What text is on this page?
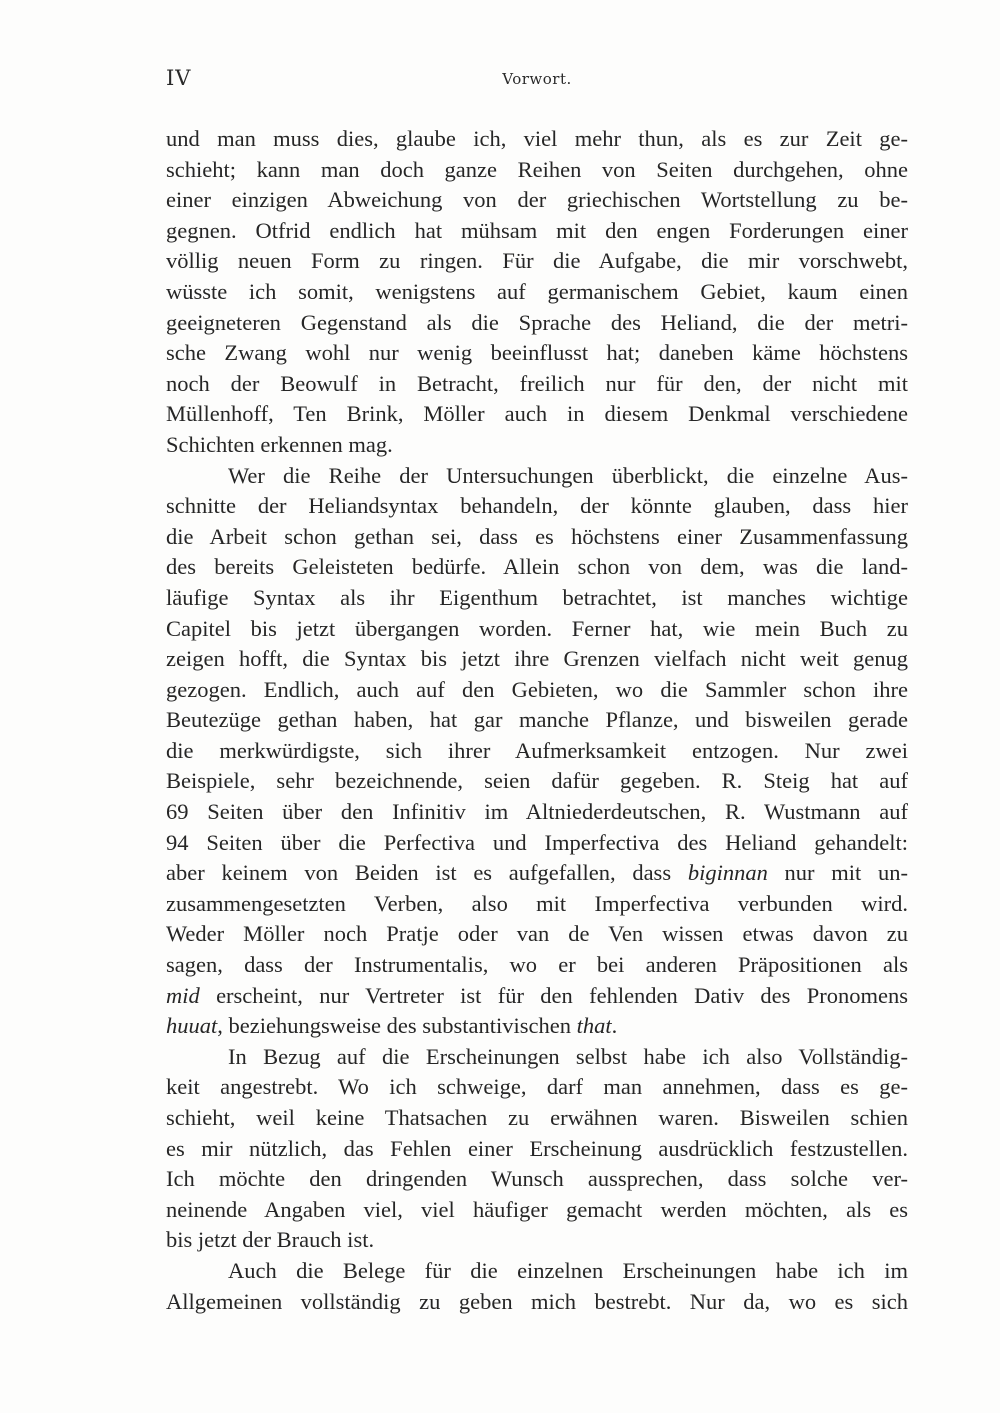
IV	Vorwort.
und man muss dies, glaube ich, viel mehr thun, als es zur Zeit ge-
schieht; kann man doch ganze Reihen von Seiten durchgehen, ohne
einer einzigen Abweichung von der griechischen Wortstellung zu be-
gegnen. Otfrid endlich hat mühsam mit den engen Forderungen einer
völlig neuen Form zu ringen. Für die Aufgabe, die mir vorschwebt,
wüsste ich somit, wenigstens auf germanischem Gebiet, kaum einen
geeigneteren Gegenstand als die Sprache des Heliand, die der metri-
sche Zwang wohl nur wenig beeinflusst hat; daneben käme höchstens
noch der Beowulf in Betracht, freilich nur für den, der nicht mit
Müllenhoff, Ten Brink, Möller auch in diesem Denkmal verschiedene
Schichten erkennen mag.
Wer die Reihe der Untersuchungen überblickt, die einzelne Aus-
schnitte der Heliandsyntax behandeln, der könnte glauben, dass hier
die Arbeit schon gethan sei, dass es höchstens einer Zusammenfassung
des bereits Geleisteten bedürfe. Allein schon von dem, was die land-
läufige Syntax als ihr Eigenthum betrachtet, ist manches wichtige
Capitel bis jetzt übergangen worden. Ferner hat, wie mein Buch zu
zeigen hofft, die Syntax bis jetzt ihre Grenzen vielfach nicht weit genug
gezogen. Endlich, auch auf den Gebieten, wo die Sammler schon ihre
Beutezüge gethan haben, hat gar manche Pflanze, und bisweilen gerade
die merkwürdigste, sich ihrer Aufmerksamkeit entzogen. Nur zwei
Beispiele, sehr bezeichnende, seien dafür gegeben. R. Steig hat auf
69 Seiten über den Infinitiv im Altniederdeutschen, R. Wustmann auf
94 Seiten über die Perfectiva und Imperfectiva des Heliand gehandelt:
aber keinem von Beiden ist es aufgefallen, dass biginnan nur mit un-
zusammengesetzten Verben, also mit Imperfectiva verbunden wird.
Weder Möller noch Pratje oder van de Ven wissen etwas davon zu
sagen, dass der Instrumentalis, wo er bei anderen Präpositionen als
mid erscheint, nur Vertreter ist für den fehlenden Dativ des Pronomens
huuat, beziehungsweise des substantivischen that.
In Bezug auf die Erscheinungen selbst habe ich also Vollständig-
keit angestrebt. Wo ich schweige, darf man annehmen, dass es ge-
schieht, weil keine Thatsachen zu erwähnen waren. Bisweilen schien
es mir nützlich, das Fehlen einer Erscheinung ausdrücklich festzustellen.
Ich möchte den dringenden Wunsch aussprechen, dass solche ver-
neinende Angaben viel, viel häufiger gemacht werden möchten, als es
bis jetzt der Brauch ist.
Auch die Belege für die einzelnen Erscheinungen habe ich im
Allgemeinen vollständig zu geben mich bestrebt. Nur da, wo es sich
